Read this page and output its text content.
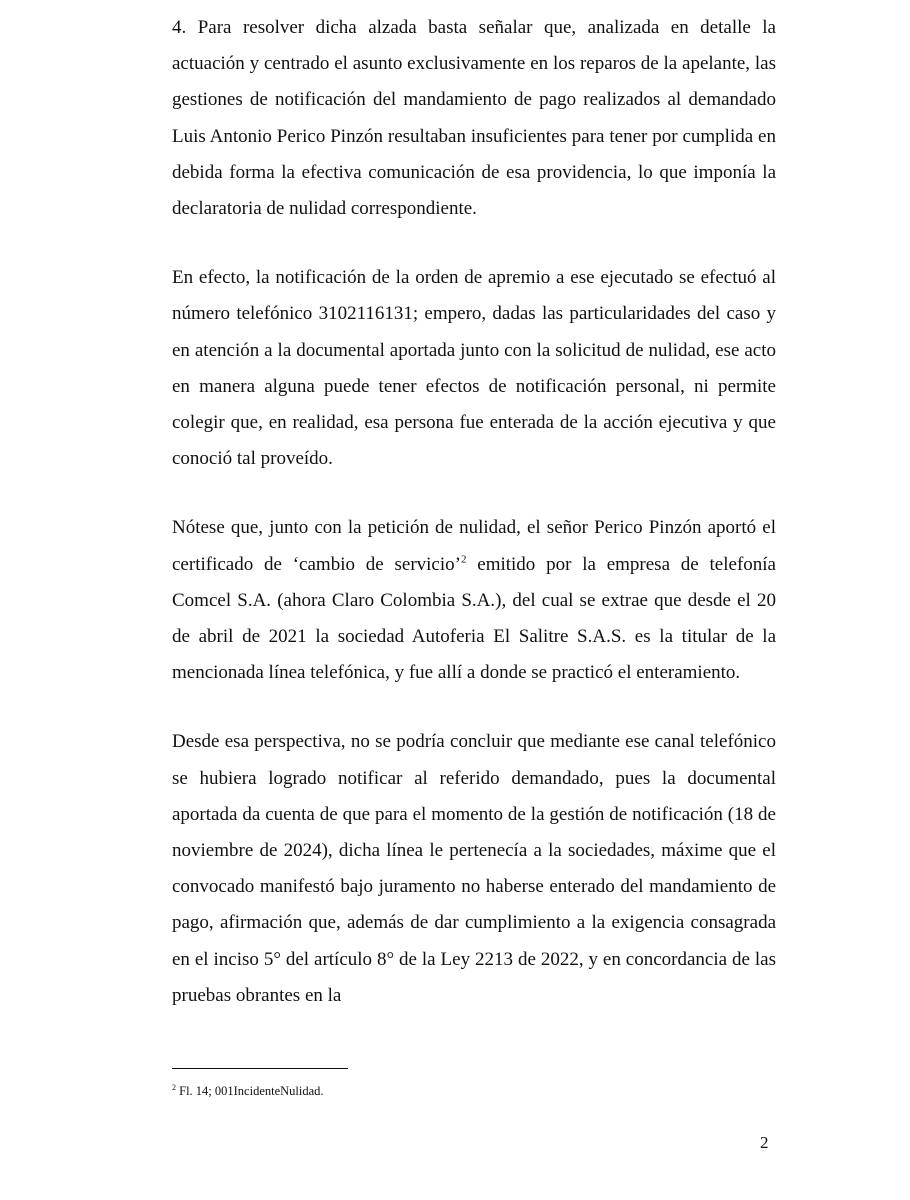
4. Para resolver dicha alzada basta señalar que, analizada en detalle la actuación y centrado el asunto exclusivamente en los reparos de la apelante, las gestiones de notificación del mandamiento de pago realizados al demandado Luis Antonio Perico Pinzón resultaban insuficientes para tener por cumplida en debida forma la efectiva comunicación de esa providencia, lo que imponía la declaratoria de nulidad correspondiente.

En efecto, la notificación de la orden de apremio a ese ejecutado se efectuó al número telefónico 3102116131; empero, dadas las particularidades del caso y en atención a la documental aportada junto con la solicitud de nulidad, ese acto en manera alguna puede tener efectos de notificación personal, ni permite colegir que, en realidad, esa persona fue enterada de la acción ejecutiva y que conoció tal proveído.

Nótese que, junto con la petición de nulidad, el señor Perico Pinzón aportó el certificado de ‘cambio de servicio’$^2$ emitido por la empresa de telefonía Comcel S.A. (ahora Claro Colombia S.A.), del cual se extrae que desde el 20 de abril de 2021 la sociedad Autoferia El Salitre S.A.S. es la titular de la mencionada línea telefónica, y fue allí a donde se practicó el enteramiento.

Desde esa perspectiva, no se podría concluir que mediante ese canal telefónico se hubiera logrado notificar al referido demandado, pues la documental aportada da cuenta de que para el momento de la gestión de notificación (18 de noviembre de 2024), dicha línea le pertenecía a la sociedades, máxime que el convocado manifestó bajo juramento no haberse enterado del mandamiento de pago, afirmación que, además de dar cumplimiento a la exigencia consagrada en el inciso 5° del artículo 8° de la Ley 2213 de 2022, y en concordancia de las pruebas obrantes en la

$^2$ Fl. 14; 001IncidenteNulidad.
2
